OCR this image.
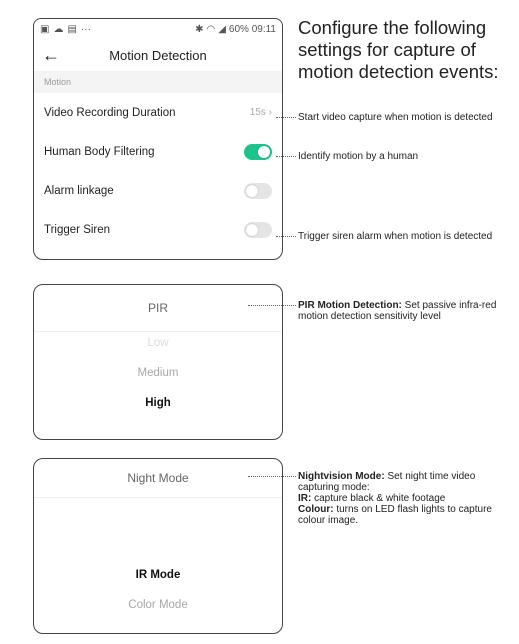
▣ ☁ ▤ ···	✱ ◠ ◢ 60% 09:11
←	Motion Detection
Motion
Video Recording Duration	15s ›
Human Body Filtering
Alarm linkage
Trigger Siren
PIR
Low
Medium
High
Night Mode
IR Mode
Color Mode
Configure the following settings for capture of motion detection events:
Start video capture when motion is detected
Identify motion by a human
Trigger siren alarm when motion is detected
PIR Motion Detection: Set passive infra-red motion detection sensitivity level
Nightvision Mode: Set night time video capturing mode:
IR: capture black & white footage
Colour: turns on LED flash lights to capture colour image.
